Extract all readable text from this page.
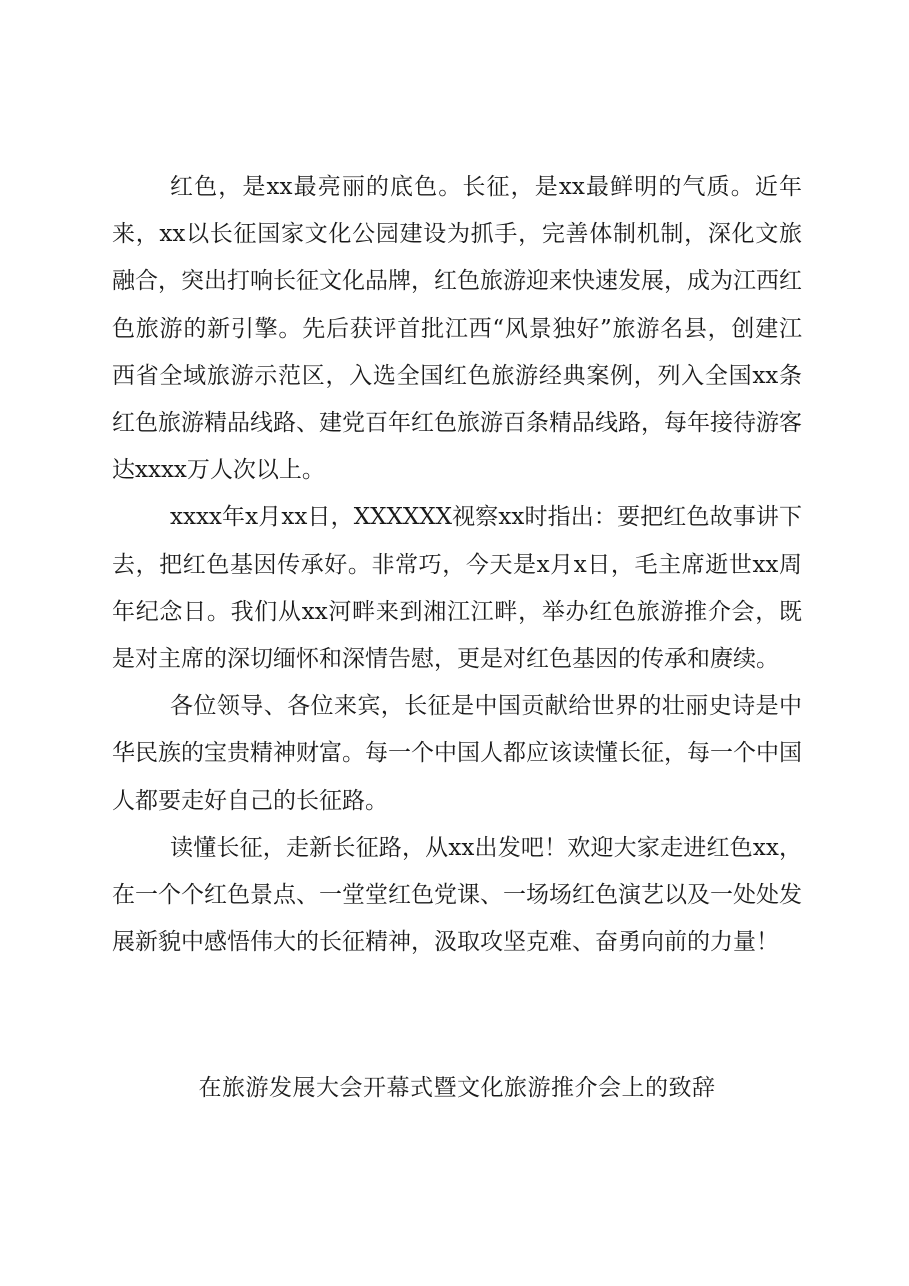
红色，是xx最亮丽的底色。长征，是xx最鲜明的气质。近年来，xx以长征国家文化公园建设为抓手，完善体制机制，深化文旅融合，突出打响长征文化品牌，红色旅游迎来快速发展，成为江西红色旅游的新引擎。先后获评首批江西“风景独好”旅游名县，创建江西省全域旅游示范区，入选全国红色旅游经典案例，列入全国xx条红色旅游精品线路、建党百年红色旅游百条精品线路，每年接待游客达xxxx万人次以上。

xxxx年x月xx日，XXXXXX视察xx时指出：要把红色故事讲下去，把红色基因传承好。非常巧，今天是x月x日，毛主席逝世xx周年纪念日。我们从xx河畔来到湘江江畔，举办红色旅游推介会，既是对主席的深切缅怀和深情告慰，更是对红色基因的传承和赓续。

各位领导、各位来宾，长征是中国贡献给世界的壮丽史诗是中华民族的宝贵精神财富。每一个中国人都应该读懂长征，每一个中国人都要走好自己的长征路。

读懂长征，走新长征路，从xx出发吧！欢迎大家走进红色xx，在一个个红色景点、一堂堂红色党课、一场场红色演艺以及一处处发展新貌中感悟伟大的长征精神，汲取攻坚克难、奋勇向前的力量！

在旅游发展大会开幕式暨文化旅游推介会上的致辞
